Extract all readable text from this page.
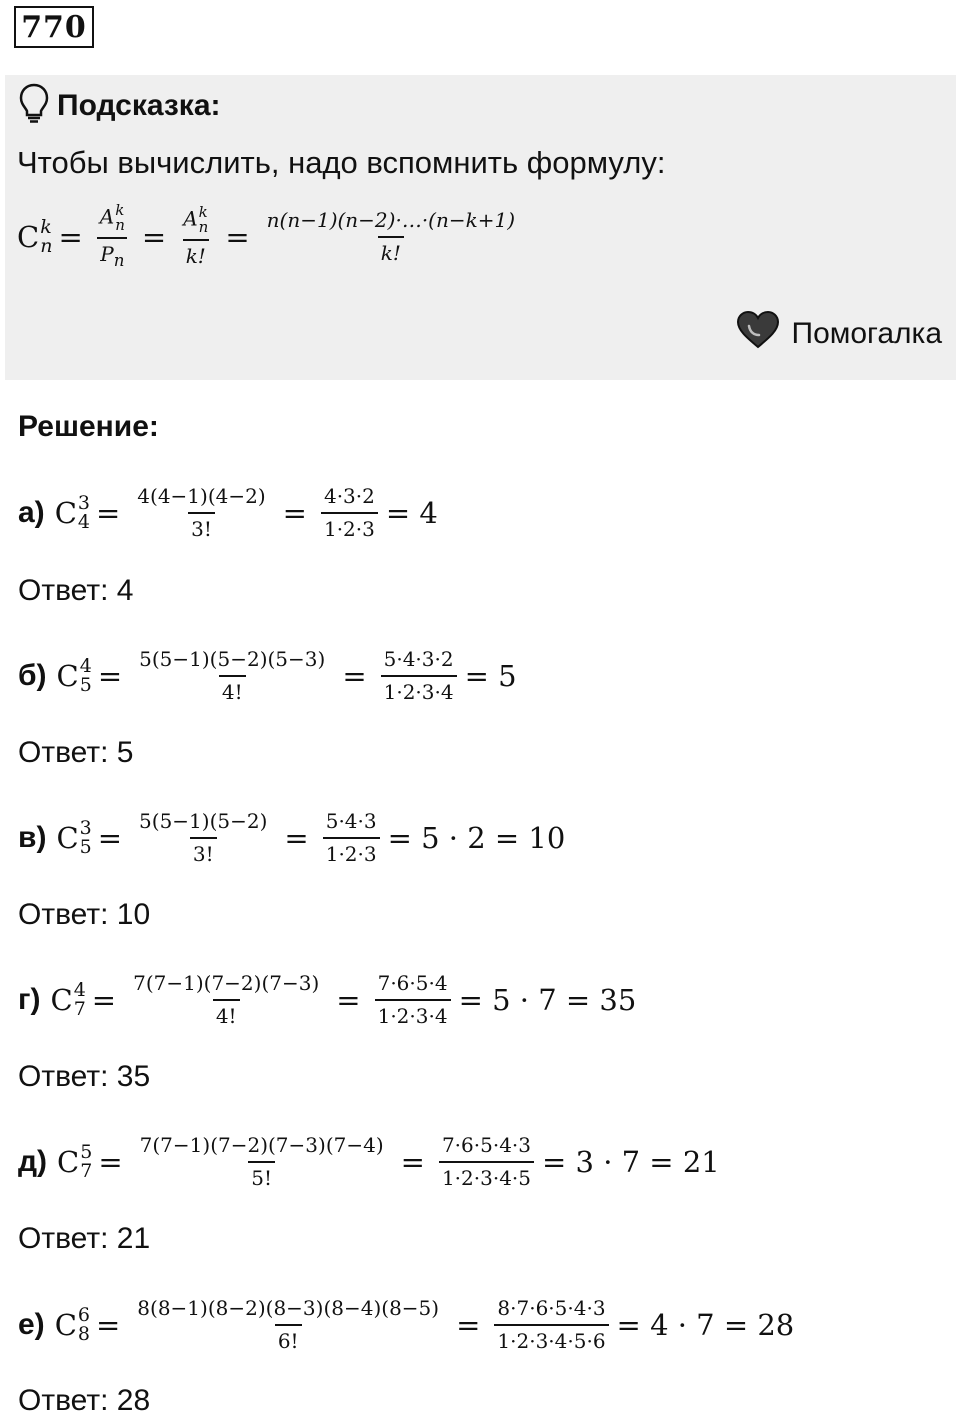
770
Подсказка:
Чтобы вычислить, надо вспомнить формулу:
C k
n = A k
n
$P_n = A$ k
n
k! = $\frac{n(n-1)(n-2)\cdot\dots\cdot(n-k+1)}{k!}$
Помогалка
Решение:
а) C 3
$4 = \frac{4(4-1)(4-2)}{3!} = \frac{4\cdot 3\cdot 2}{1\cdot 2\cdot 3} = 4$
Ответ: 4
б) C 4
$5 = \frac{5(5-1)(5-2)(5-3)}{4!} = \frac{5\cdot 4\cdot 3\cdot 2}{1\cdot 2\cdot 3\cdot 4} = 5$
Ответ: 5
в) C 3
$5 = \frac{5(5-1)(5-2)}{3!} = \frac{5\cdot 4\cdot 3}{1\cdot 2\cdot 3} = 5 \cdot 2 = 10$
Ответ: 10
г) C 4
$7 = \frac{7(7-1)(7-2)(7-3)}{4!} = \frac{7\cdot 6\cdot 5\cdot 4}{1\cdot 2\cdot 3\cdot 4} = 5 \cdot 7 = 35$
Ответ: 35
д) C 5
$7 = \frac{7(7-1)(7-2)(7-3)(7-4)}{5!} = \frac{7\cdot 6\cdot 5\cdot 4\cdot 3}{1\cdot 2\cdot 3\cdot 4\cdot 5} = 3 \cdot 7 = 21$
Ответ: 21
е) C 6
$8 = \frac{8(8-1)(8-2)(8-3)(8-4)(8-5)}{6!} = \frac{8\cdot 7\cdot 6\cdot 5\cdot 4\cdot 3}{1\cdot 2\cdot 3\cdot 4\cdot 5\cdot 6} = 4 \cdot 7 = 28$
Ответ: 28
